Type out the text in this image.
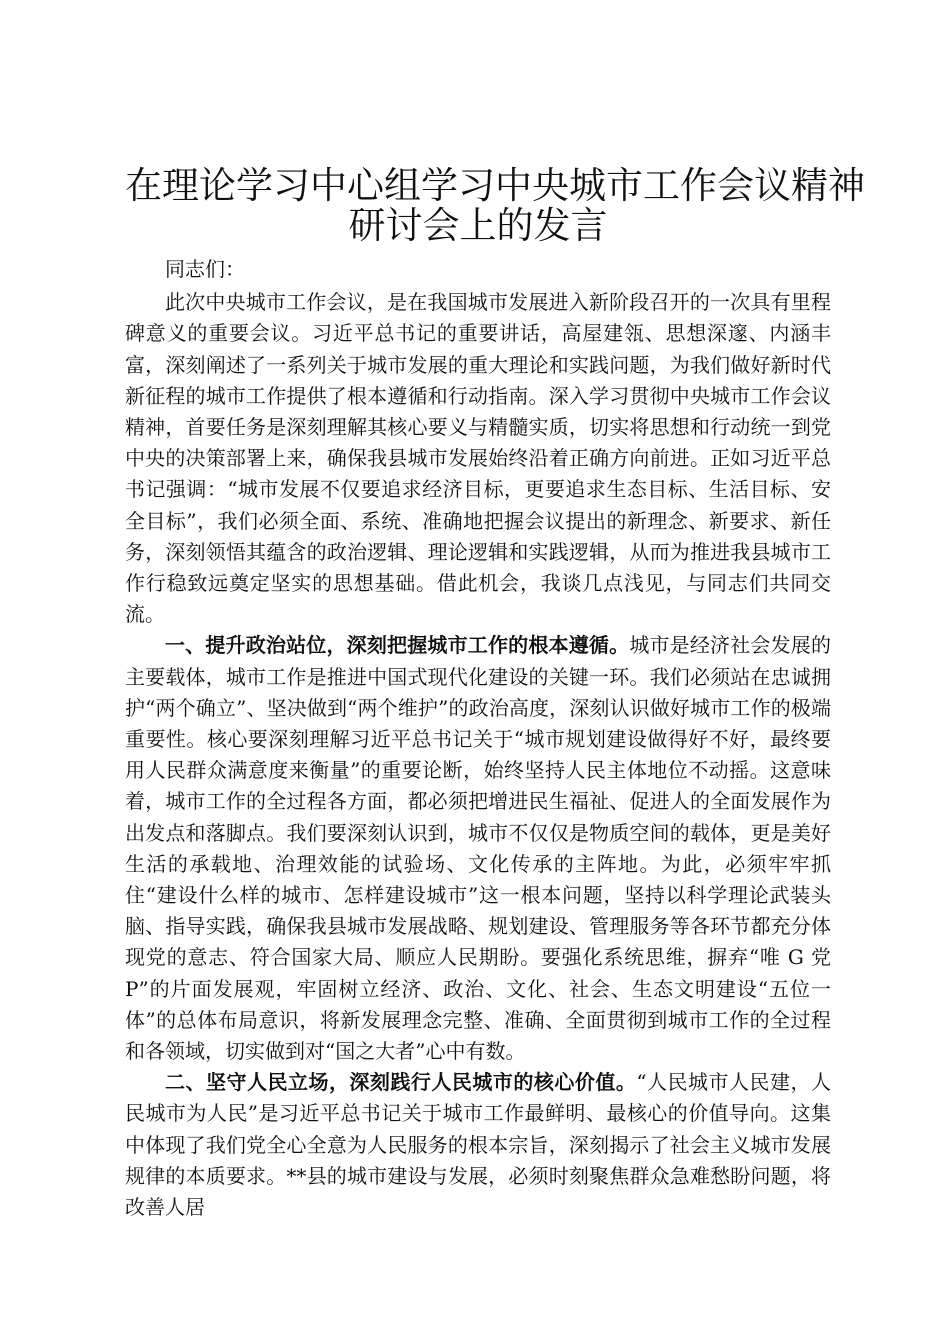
在理论学习中心组学习中央城市工作会议精神
研讨会上的发言

同志们：

此次中央城市工作会议，是在我国城市发展进入新阶段召开的一次具有里程碑意义的重要会议。习近平总书记的重要讲话，高屋建瓴、思想深邃、内涵丰富，深刻阐述了一系列关于城市发展的重大理论和实践问题，为我们做好新时代新征程的城市工作提供了根本遵循和行动指南。深入学习贯彻中央城市工作会议精神，首要任务是深刻理解其核心要义与精髓实质，切实将思想和行动统一到党中央的决策部署上来，确保我县城市发展始终沿着正确方向前进。正如习近平总书记强调：“城市发展不仅要追求经济目标，更要追求生态目标、生活目标、安全目标”，我们必须全面、系统、准确地把握会议提出的新理念、新要求、新任务，深刻领悟其蕴含的政治逻辑、理论逻辑和实践逻辑，从而为推进我县城市工作行稳致远奠定坚实的思想基础。借此机会，我谈几点浅见，与同志们共同交流。

一、提升政治站位，深刻把握城市工作的根本遵循。城市是经济社会发展的主要载体，城市工作是推进中国式现代化建设的关键一环。我们必须站在忠诚拥护“两个确立”、坚决做到“两个维护”的政治高度，深刻认识做好城市工作的极端重要性。核心要深刻理解习近平总书记关于“城市规划建设做得好不好，最终要用人民群众满意度来衡量”的重要论断，始终坚持人民主体地位不动摇。这意味着，城市工作的全过程各方面，都必须把增进民生福祉、促进人的全面发展作为出发点和落脚点。我们要深刻认识到，城市不仅仅是物质空间的载体，更是美好生活的承载地、治理效能的试验场、文化传承的主阵地。为此，必须牢牢抓住“建设什么样的城市、怎样建设城市”这一根本问题，坚持以科学理论武装头脑、指导实践，确保我县城市发展战略、规划建设、管理服务等各环节都充分体现党的意志、符合国家大局、顺应人民期盼。要强化系统思维，摒弃“唯 G 党 P”的片面发展观，牢固树立经济、政治、文化、社会、生态文明建设“五位一体”的总体布局意识，将新发展理念完整、准确、全面贯彻到城市工作的全过程和各领域，切实做到对“国之大者”心中有数。

二、坚守人民立场，深刻践行人民城市的核心价值。“人民城市人民建，人民城市为人民”是习近平总书记关于城市工作最鲜明、最核心的价值导向。这集中体现了我们党全心全意为人民服务的根本宗旨，深刻揭示了社会主义城市发展规律的本质要求。**县的城市建设与发展，必须时刻聚焦群众急难愁盼问题，将改善人居
